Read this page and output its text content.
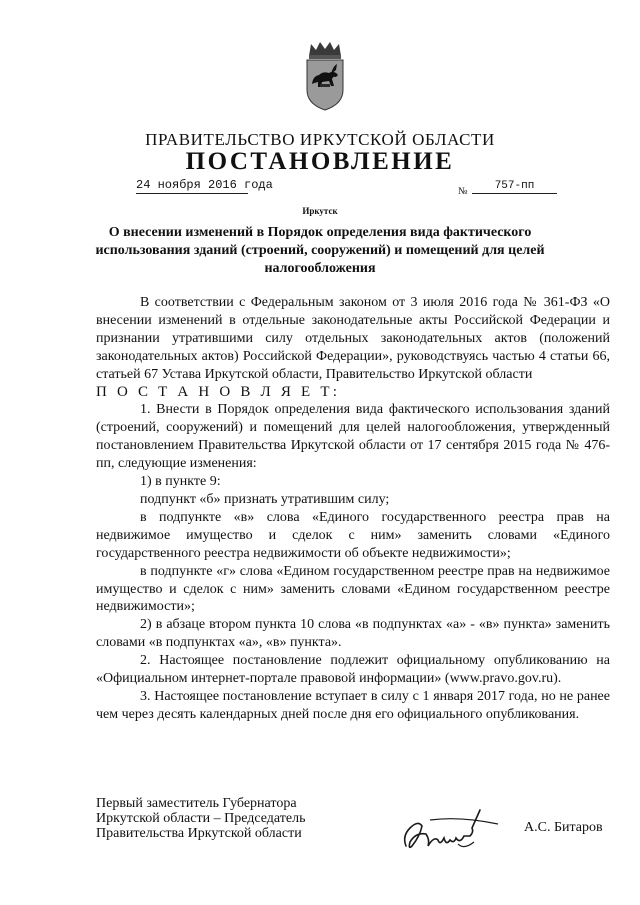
ПРАВИТЕЛЬСТВО ИРКУТСКОЙ ОБЛАСТИ
ПОСТАНОВЛЕНИЕ
24 ноября 2016 года	№	757-пп
Иркутск
О внесении изменений в Порядок определения вида фактического использования зданий (строений, сооружений) и помещений для целей налогообложения

В соответствии с Федеральным законом от 3 июля 2016 года № 361-ФЗ «О внесении изменений в отдельные законодательные акты Российской Федерации и признании утратившими силу отдельных законодательных актов (положений законодательных актов) Российской Федерации», руководствуясь частью 4 статьи 66, статьей 67 Устава Иркутской области, Правительство Иркутской области

П О С Т А Н О В Л Я Е Т:

1. Внести в Порядок определения вида фактического использования зданий (строений, сооружений) и помещений для целей налогообложения, утвержденный постановлением Правительства Иркутской области от 17 сентября 2015 года № 476-пп, следующие изменения:

1) в пункте 9:

подпункт «б» признать утратившим силу;

в подпункте «в» слова «Единого государственного реестра прав на недвижимое имущество и сделок с ним» заменить словами «Единого государственного реестра недвижимости об объекте недвижимости»;

в подпункте «г» слова «Едином государственном реестре прав на недвижимое имущество и сделок с ним» заменить словами «Едином государственном реестре недвижимости»;

2) в абзаце втором пункта 10 слова «в подпунктах «а» - «в» пункта» заменить словами «в подпунктах «а», «в» пункта».

2. Настоящее постановление подлежит официальному опубликованию на «Официальном интернет-портале правовой информации» (www.pravo.gov.ru).

3. Настоящее постановление вступает в силу с 1 января 2017 года, но не ранее чем через десять календарных дней после дня его официального опубликования.

Первый заместитель Губернатора
Иркутской области – Председатель
Правительства Иркутской области	А.С. Битаров
